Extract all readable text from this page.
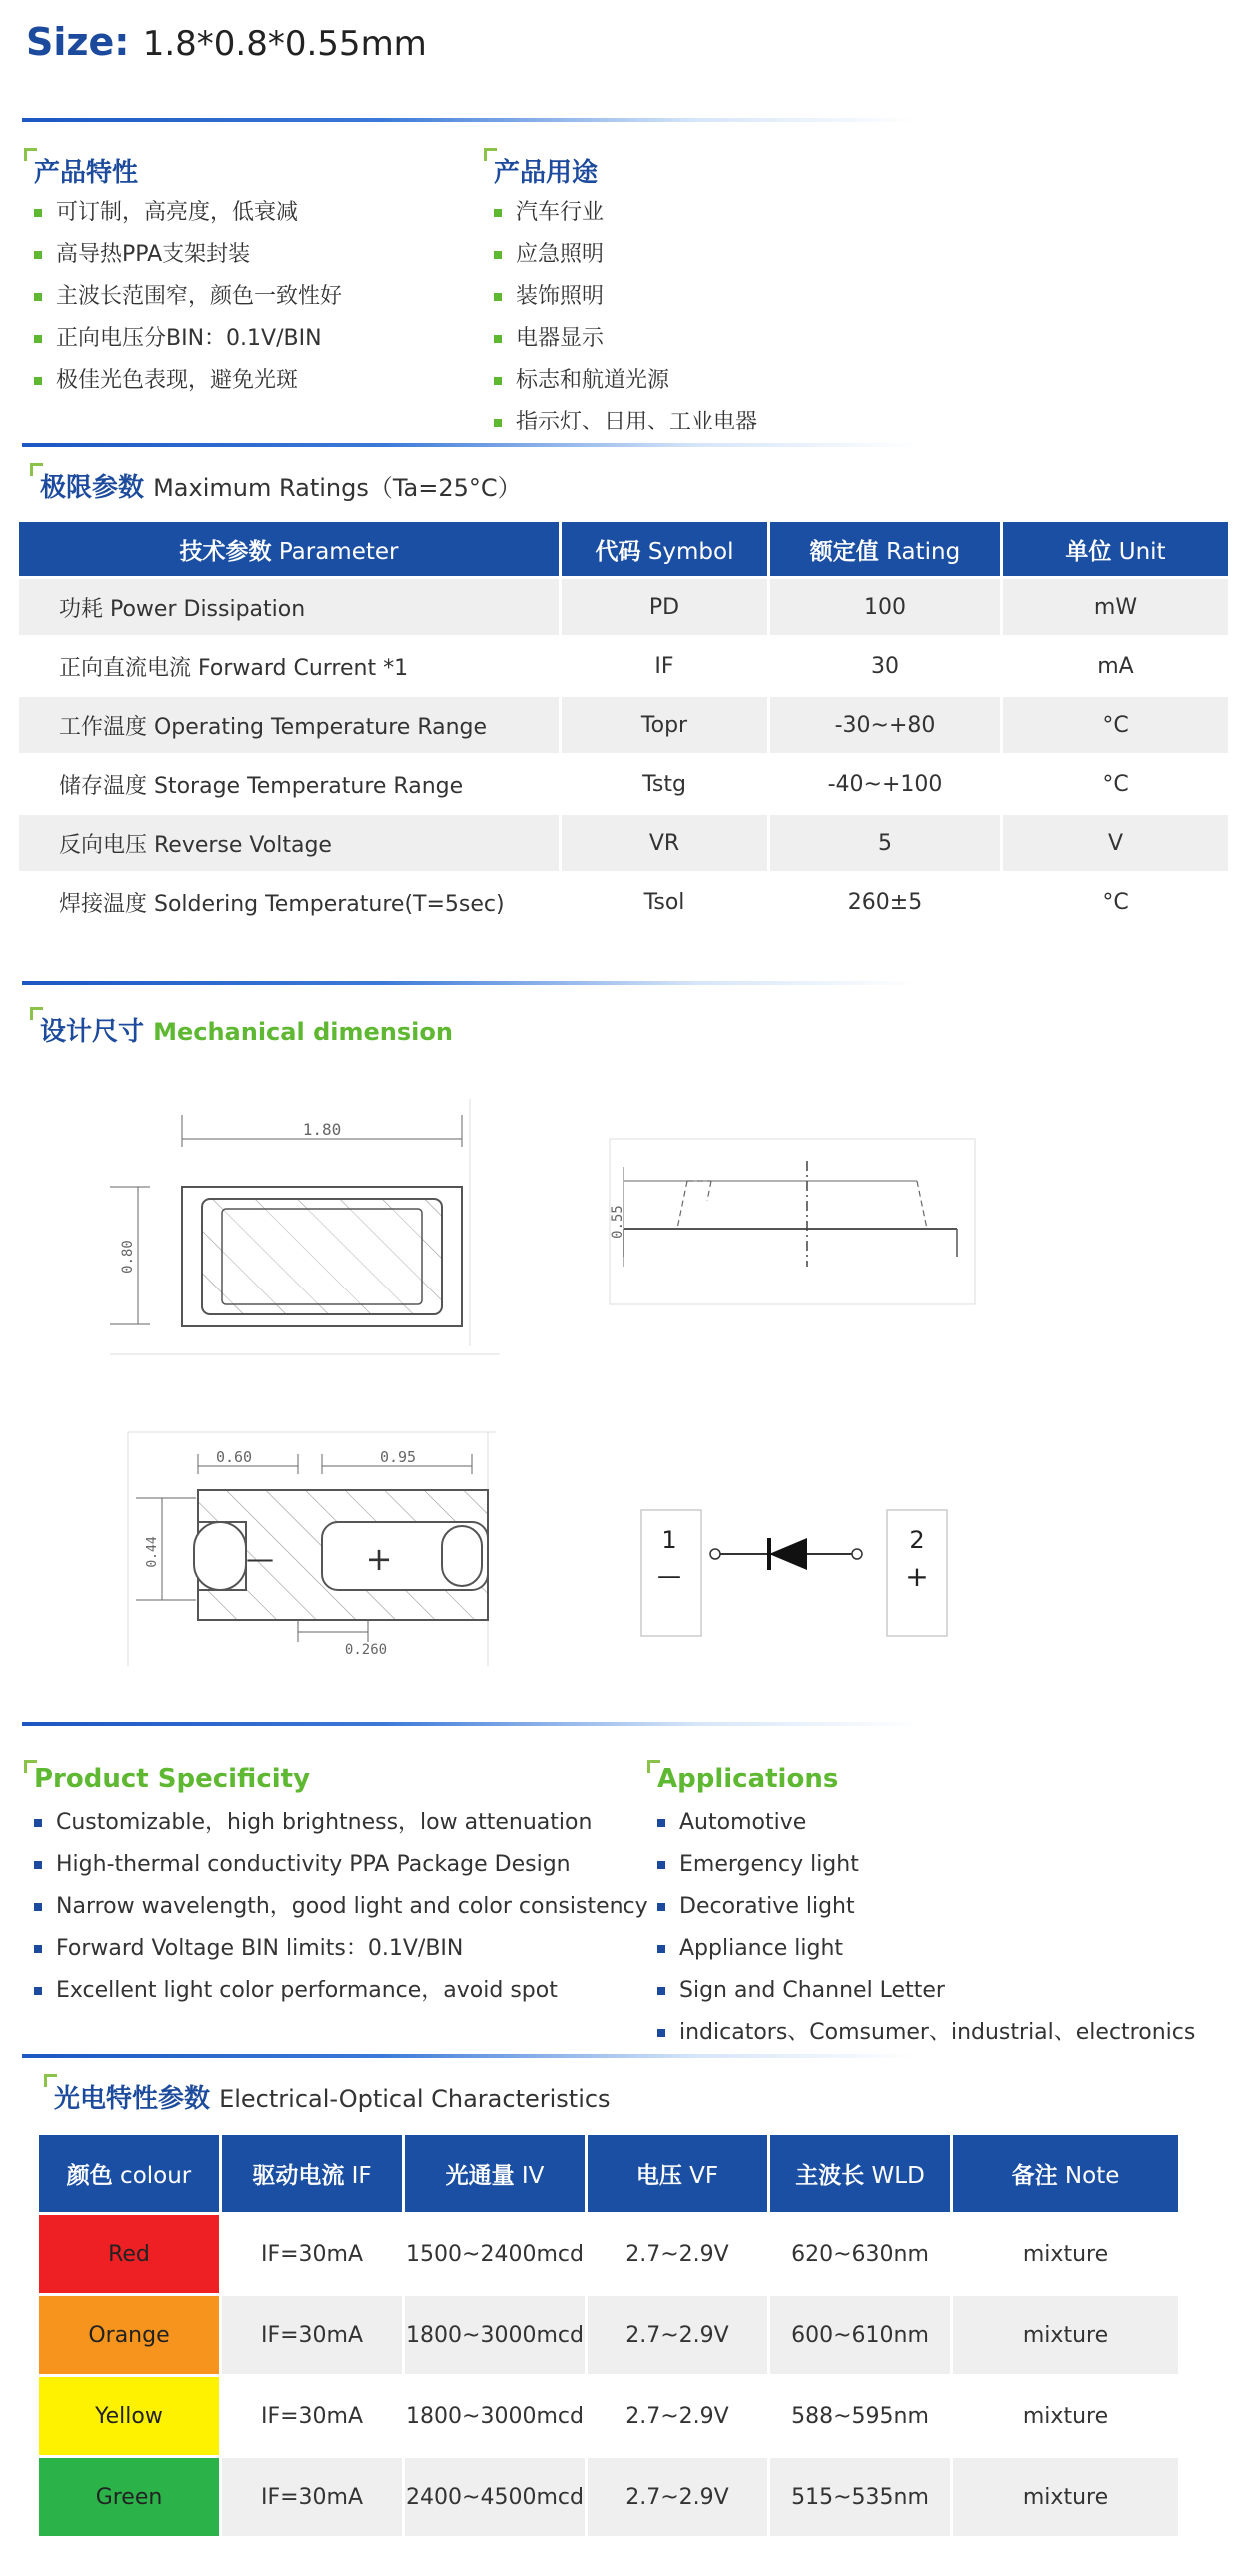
Size: 1.8*0.8*0.55mm
产品特性
可订制，高亮度，低衰减
高导热PPA支架封装
主波长范围窄，颜色一致性好
正向电压分BIN：0.1V/BIN
极佳光色表现，避免光斑
产品用途
汽车行业
应急照明
装饰照明
电器显示
标志和航道光源
指示灯、日用、工业电器
极限参数 Maximum Ratings（Ta=25°C）
技术参数 Parameter	代码 Symbol	额定值 Rating	单位 Unit
功耗 Power Dissipation	PD	100	mW
正向直流电流 Forward Current *1	IF	30	mA
工作温度 Operating Temperature Range	Topr	-30~+80	°C
储存温度 Storage Temperature Range	Tstg	-40~+100	°C
反向电压 Reverse Voltage	VR	5	V
焊接温度 Soldering Temperature(T=5sec)	Tsol	260±5	°C
设计尺寸 Mechanical dimension
1.80
0.80
0.55
0.60	0.95
0.44	—	+
0.260
1
—
2
+
Product Specificity
Customizable，high brightness，low attenuation
High-thermal conductivity PPA Package Design
Narrow wavelength，good light and color consistency
Forward Voltage BIN limits：0.1V/BIN
Excellent light color performance，avoid spot
Applications
Automotive
Emergency light
Decorative light
Appliance light
Sign and Channel Letter
indicators、Comsumer、industrial、electronics
光电特性参数 Electrical-Optical Characteristics
颜色 colour	驱动电流 IF	光通量 IV	电压 VF	主波长 WLD	备注 Note
Red	IF=30mA	1500~2400mcd	2.7~2.9V	620~630nm	mixture
Orange	IF=30mA	1800~3000mcd	2.7~2.9V	600~610nm	mixture
Yellow	IF=30mA	1800~3000mcd	2.7~2.9V	588~595nm	mixture
Green	IF=30mA	2400~4500mcd	2.7~2.9V	515~535nm	mixture
